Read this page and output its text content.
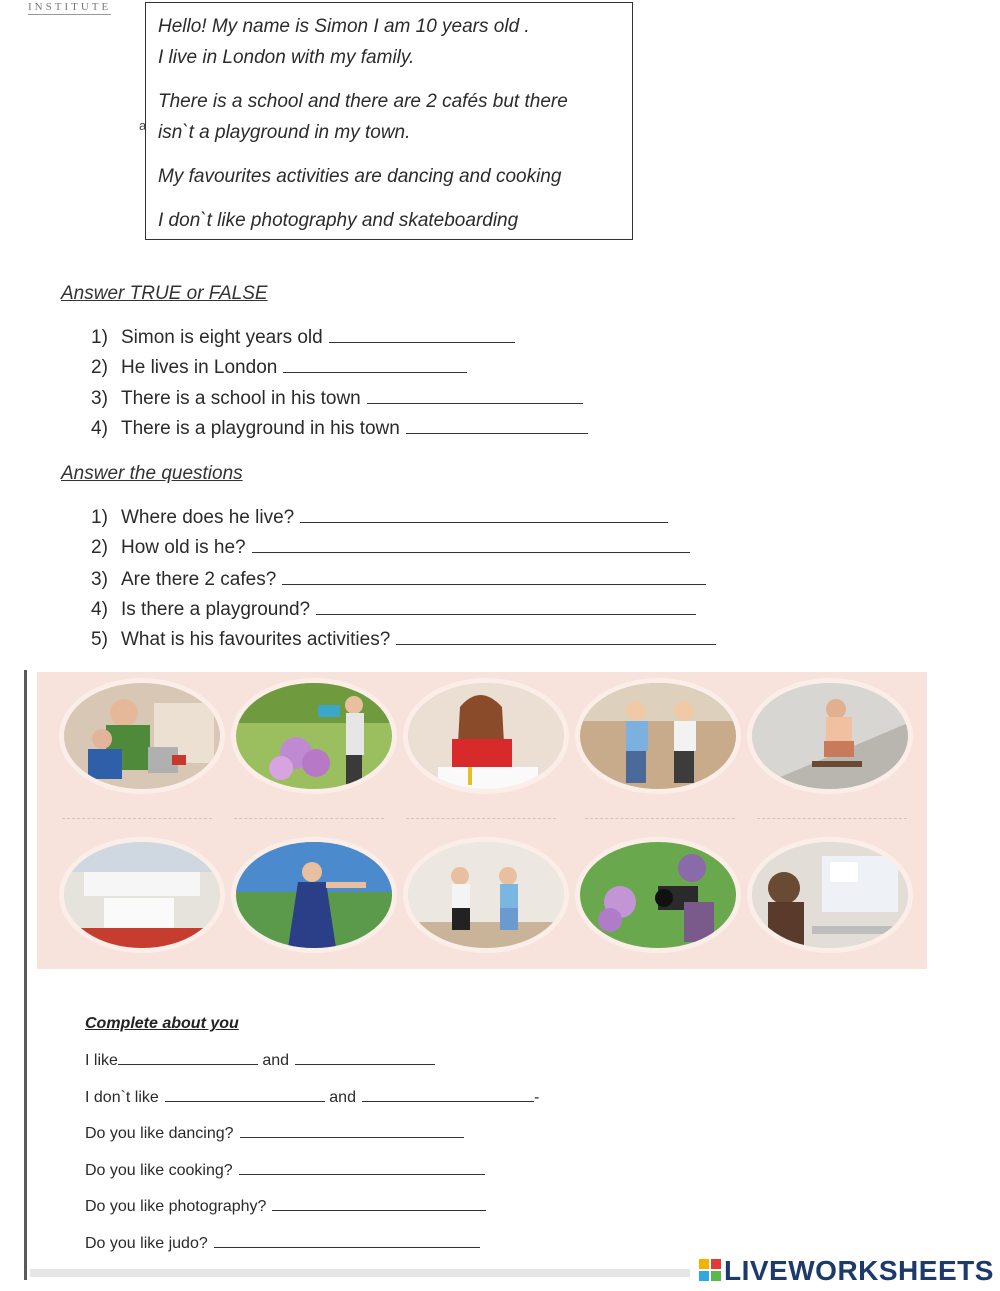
INSTITUTE

Hello! My name is Simon I am 10 years old .

I live in London with my family.

There is a school and there are 2 cafés but there

isn`t a playground in my town.

My favourites activities are dancing and cooking

I don`t like photography and skateboarding

a
Answer TRUE or FALSE
1) Simon is eight years old
2) He lives in London
3) There is a school in his town
4) There is a playground in his town
Answer the questions
1) Where does he live?
2) How old is he?
3) Are there 2 cafes?
4) Is there a playground?
5) What is his favourites activities?
Complete about you
I like	and
I don`t like	and	-
Do you like dancing?
Do you like cooking?
Do you like photography?
Do you like judo?
LIVEWORKSHEETS
